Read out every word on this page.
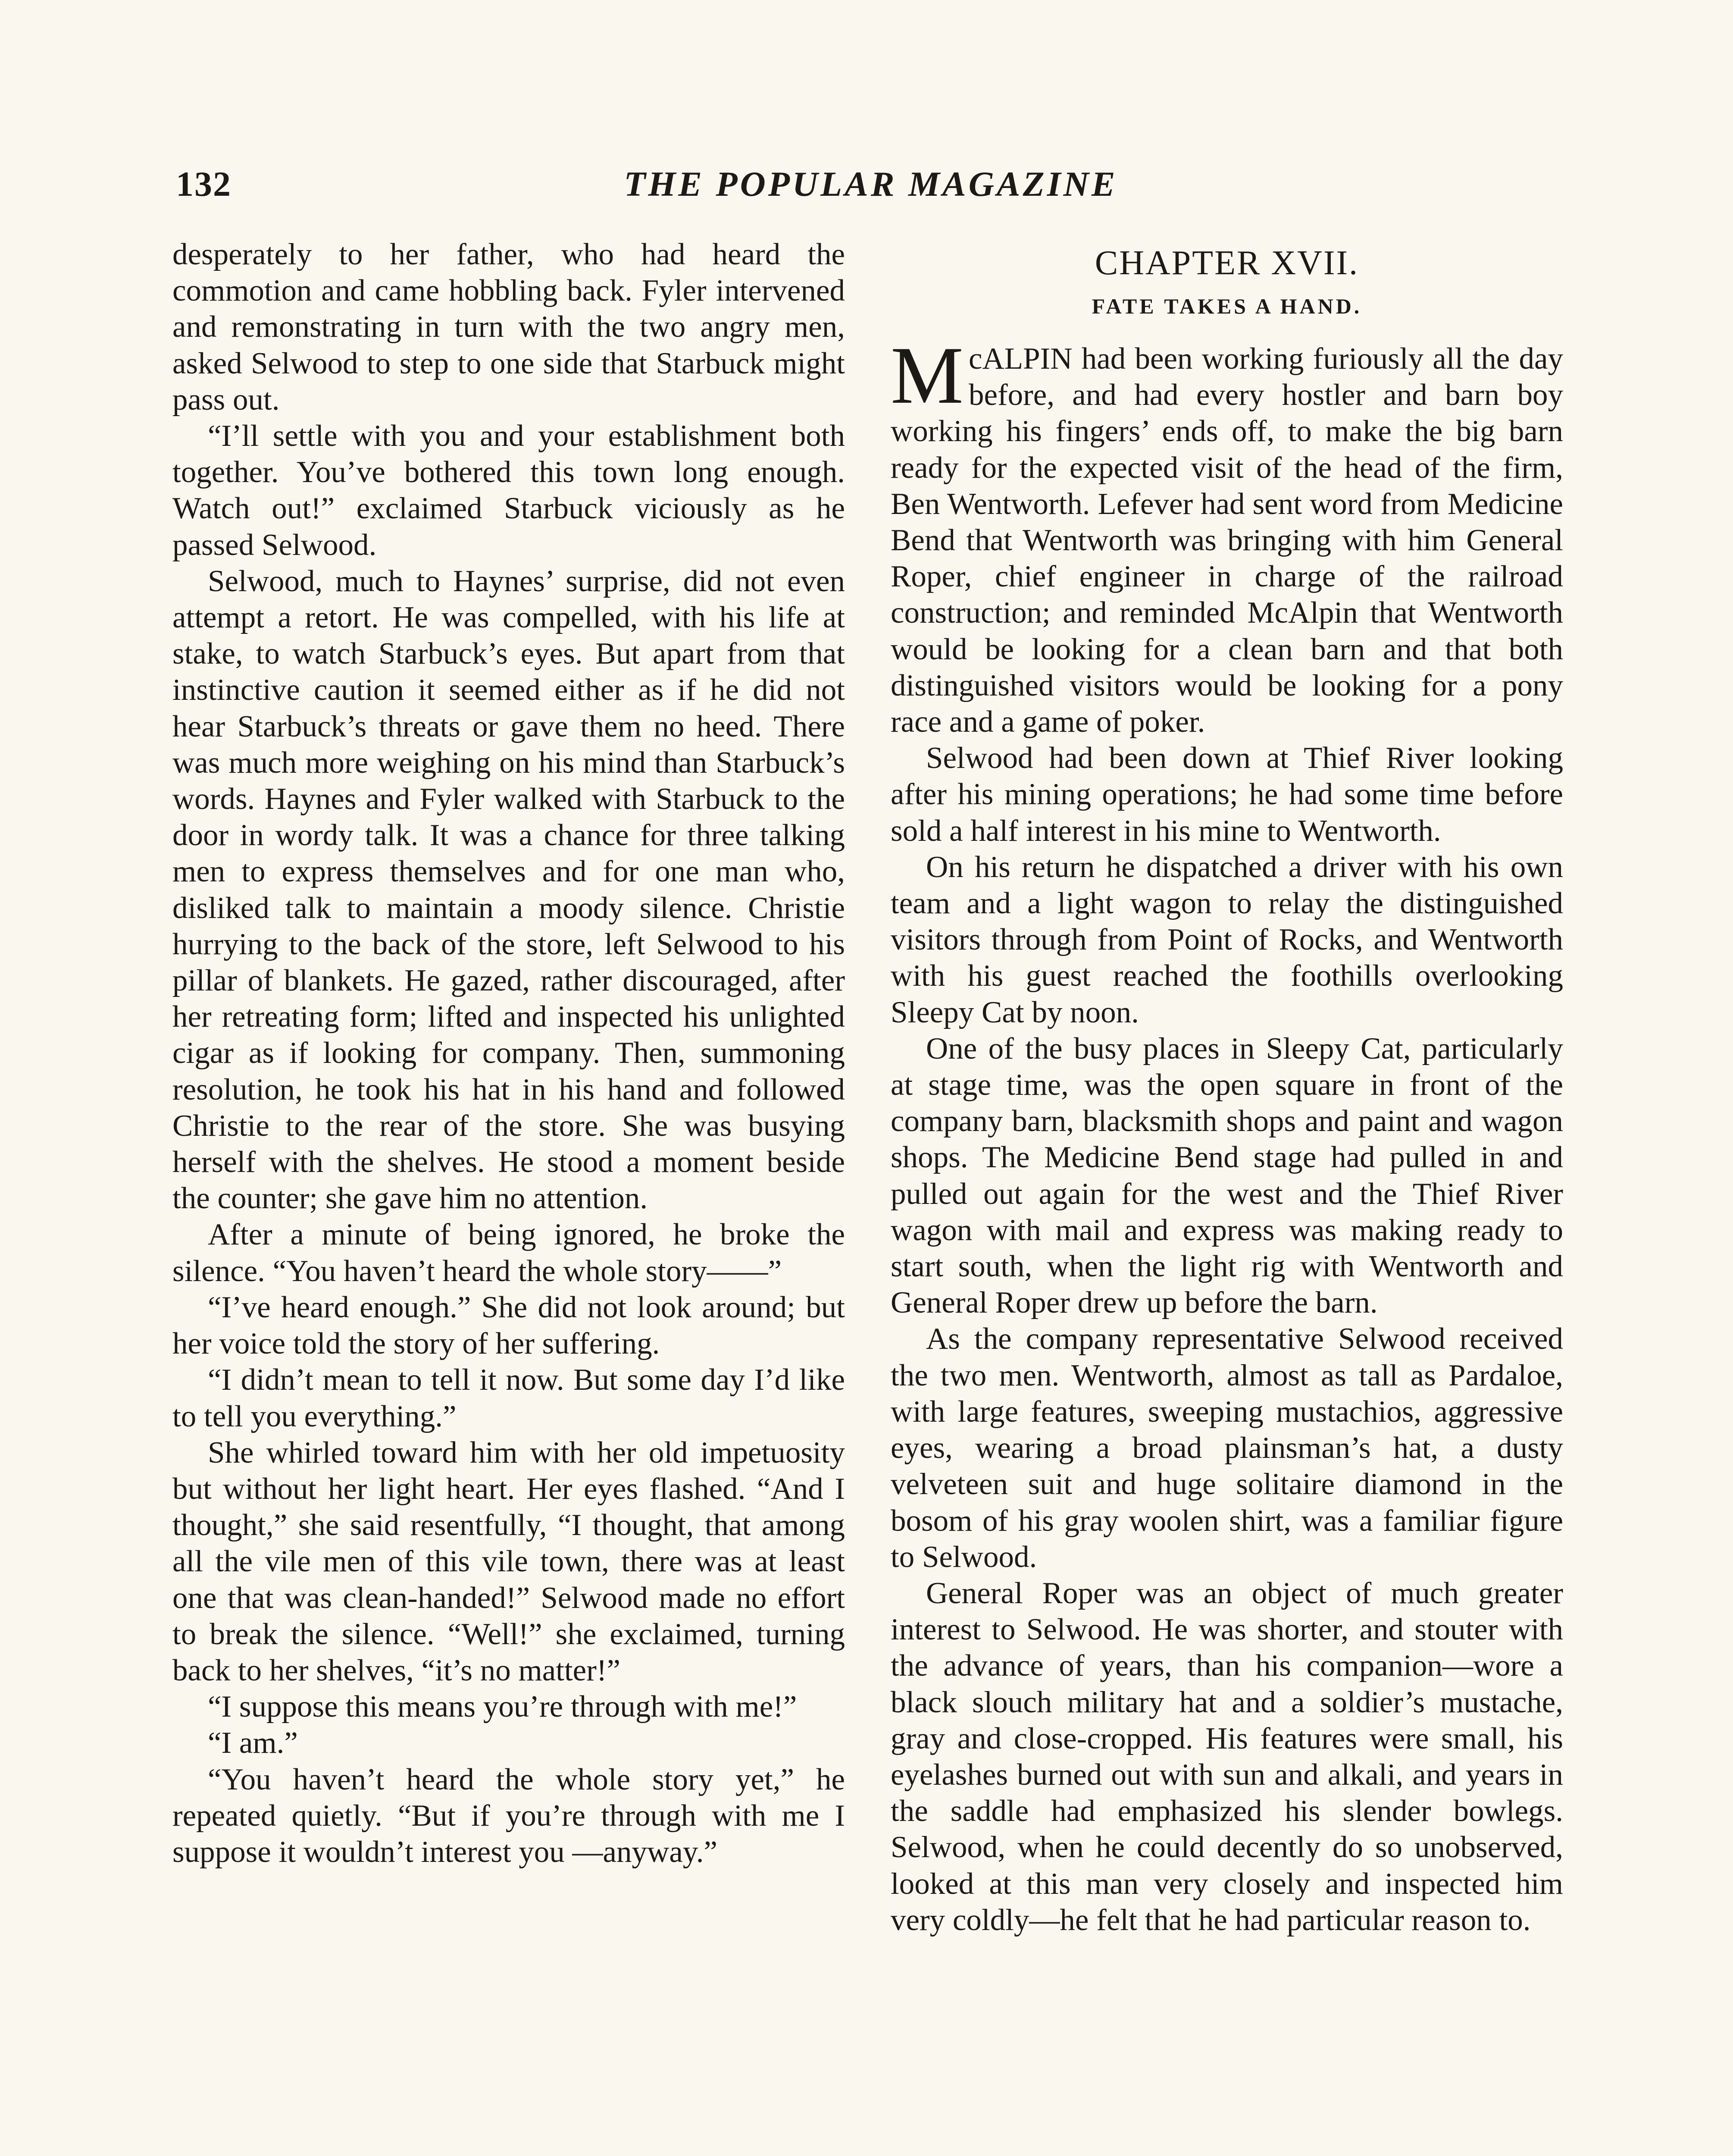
132	THE POPULAR MAGAZINE

desperately to her father, who had heard the commotion and came hobbling back. Fyler intervened and remonstrating in turn with the two angry men, asked Selwood to step to one side that Starbuck might pass out.

“I’ll settle with you and your establishment both together. You’ve bothered this town long enough. Watch out!” exclaimed Starbuck viciously as he passed Selwood.

Selwood, much to Haynes’ surprise, did not even attempt a retort. He was compelled, with his life at stake, to watch Starbuck’s eyes. But apart from that instinctive caution it seemed either as if he did not hear Starbuck’s threats or gave them no heed. There was much more weighing on his mind than Starbuck’s words. Haynes and Fyler walked with Starbuck to the door in wordy talk. It was a chance for three talking men to express themselves and for one man who, disliked talk to maintain a moody silence. Christie hurrying to the back of the store, left Selwood to his pillar of blankets. He gazed, rather discouraged, after her retreating form; lifted and inspected his unlighted cigar as if looking for company. Then, summoning resolution, he took his hat in his hand and followed Christie to the rear of the store. She was busying herself with the shelves. He stood a moment beside the counter; she gave him no attention.

After a minute of being ignored, he broke the silence. “You haven’t heard the whole story——”

“I’ve heard enough.” She did not look around; but her voice told the story of her suffering.

“I didn’t mean to tell it now. But some day I’d like to tell you everything.”

She whirled toward him with her old impetuosity but without her light heart. Her eyes flashed. “And I thought,” she said resentfully, “I thought, that among all the vile men of this vile town, there was at least one that was clean-handed!” Selwood made no effort to break the silence. “Well!” she exclaimed, turning back to her shelves, “it’s no matter!”

“I suppose this means you’re through with me!”

“I am.”

“You haven’t heard the whole story yet,” he repeated quietly. “But if you’re through with me I suppose it wouldn’t interest you —anyway.”

CHAPTER XVII.
FATE TAKES A HAND.

McALPIN had been working furiously all the day before, and had every hostler and barn boy working his fingers’ ends off, to make the big barn ready for the expected visit of the head of the firm, Ben Wentworth. Lefever had sent word from Medicine Bend that Wentworth was bringing with him General Roper, chief engineer in charge of the railroad construction; and reminded McAlpin that Wentworth would be looking for a clean barn and that both distinguished visitors would be looking for a pony race and a game of poker.

Selwood had been down at Thief River looking after his mining operations; he had some time before sold a half interest in his mine to Wentworth.

On his return he dispatched a driver with his own team and a light wagon to relay the distinguished visitors through from Point of Rocks, and Wentworth with his guest reached the foothills overlooking Sleepy Cat by noon.

One of the busy places in Sleepy Cat, particularly at stage time, was the open square in front of the company barn, blacksmith shops and paint and wagon shops. The Medicine Bend stage had pulled in and pulled out again for the west and the Thief River wagon with mail and express was making ready to start south, when the light rig with Wentworth and General Roper drew up before the barn.

As the company representative Selwood received the two men. Wentworth, almost as tall as Pardaloe, with large features, sweeping mustachios, aggressive eyes, wearing a broad plainsman’s hat, a dusty velveteen suit and huge solitaire diamond in the bosom of his gray woolen shirt, was a familiar figure to Selwood.

General Roper was an object of much greater interest to Selwood. He was shorter, and stouter with the advance of years, than his companion—wore a black slouch military hat and a soldier’s mustache, gray and close-cropped. His features were small, his eyelashes burned out with sun and alkali, and years in the saddle had emphasized his slender bowlegs. Selwood, when he could decently do so unobserved, looked at this man very closely and inspected him very coldly—he felt that he had particular reason to.
